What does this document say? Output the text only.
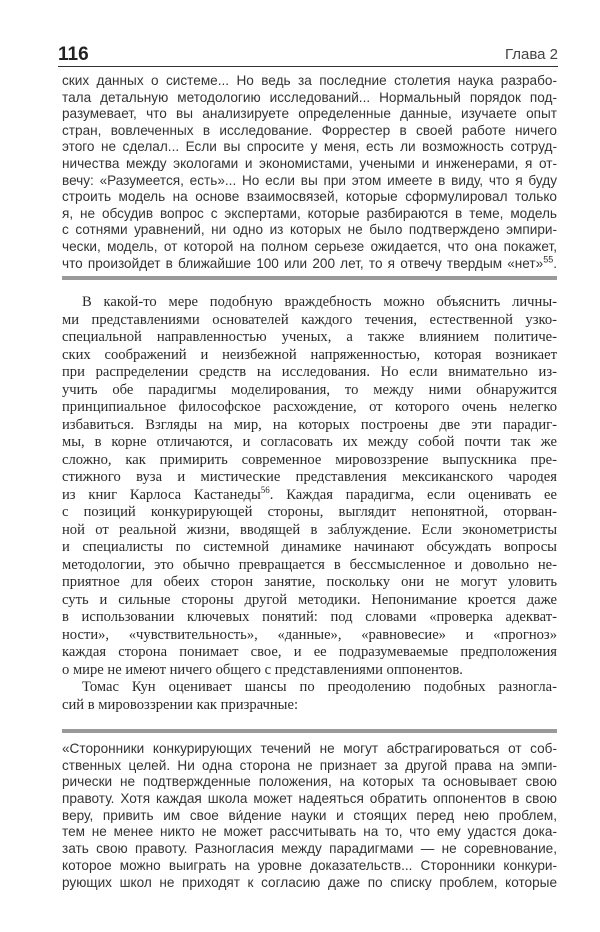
116	Глава 2
ских данных о системе... Но ведь за последние столетия наука разрабо-
тала детальную методологию исследований... Нормальный порядок под-
разумевает, что вы анализируете определенные данные, изучаете опыт
стран, вовлеченных в исследование. Форрестер в своей работе ничего
этого не сделал... Если вы спросите у меня, есть ли возможность сотруд-
ничества между экологами и экономистами, учеными и инженерами, я от-
вечу: «Разумеется, есть»... Но если вы при этом имеете в виду, что я буду
строить модель на основе взаимосвязей, которые сформулировал только
я, не обсудив вопрос с экспертами, которые разбираются в теме, модель
с сотнями уравнений, ни одно из которых не было подтверждено эмпири-
чески, модель, от которой на полном серьезе ожидается, что она покажет,
что произойдет в ближайшие 100 или 200 лет, то я отвечу твердым «нет»$^{55}$.
В какой-то мере подобную враждебность можно объяснить личны-
ми представлениями основателей каждого течения, естественной узко-
специальной направленностью ученых, а также влиянием политиче-
ских соображений и неизбежной напряженностью, которая возникает
при распределении средств на исследования. Но если внимательно из-
учить обе парадигмы моделирования, то между ними обнаружится
принципиальное философское расхождение, от которого очень нелегко
избавиться. Взгляды на мир, на которых построены две эти парадиг-
мы, в корне отличаются, и согласовать их между собой почти так же
сложно, как примирить современное мировоззрение выпускника пре-
стижного вуза и мистические представления мексиканского чародея
из книг Карлоса Кастанеды$^{56}$. Каждая парадигма, если оценивать ее
с позиций конкурирующей стороны, выглядит непонятной, оторван-
ной от реальной жизни, вводящей в заблуждение. Если эконометристы
и специалисты по системной динамике начинают обсуждать вопросы
методологии, это обычно превращается в бессмысленное и довольно не-
приятное для обеих сторон занятие, поскольку они не могут уловить
суть и сильные стороны другой методики. Непонимание кроется даже
в использовании ключевых понятий: под словами «проверка адекват-
ности», «чувствительность», «данные», «равновесие» и «прогноз»
каждая сторона понимает свое, и ее подразумеваемые предположения
о мире не имеют ничего общего с представлениями оппонентов.
Томас Кун оценивает шансы по преодолению подобных разногла-
сий в мировоззрении как призрачные:
«Сторонники конкурирующих течений не могут абстрагироваться от соб-
ственных целей. Ни одна сторона не признает за другой права на эмпи-
рически не подтвержденные положения, на которых та основывает свою
правоту. Хотя каждая школа может надеяться обратить оппонентов в свою
веру, привить им свое ви́дение науки и стоящих перед нею проблем,
тем не менее никто не может рассчитывать на то, что ему удастся дока-
зать свою правоту. Разногласия между парадигмами — не соревнование,
которое можно выиграть на уровне доказательств... Сторонники конкури-
рующих школ не приходят к согласию даже по списку проблем, которые
